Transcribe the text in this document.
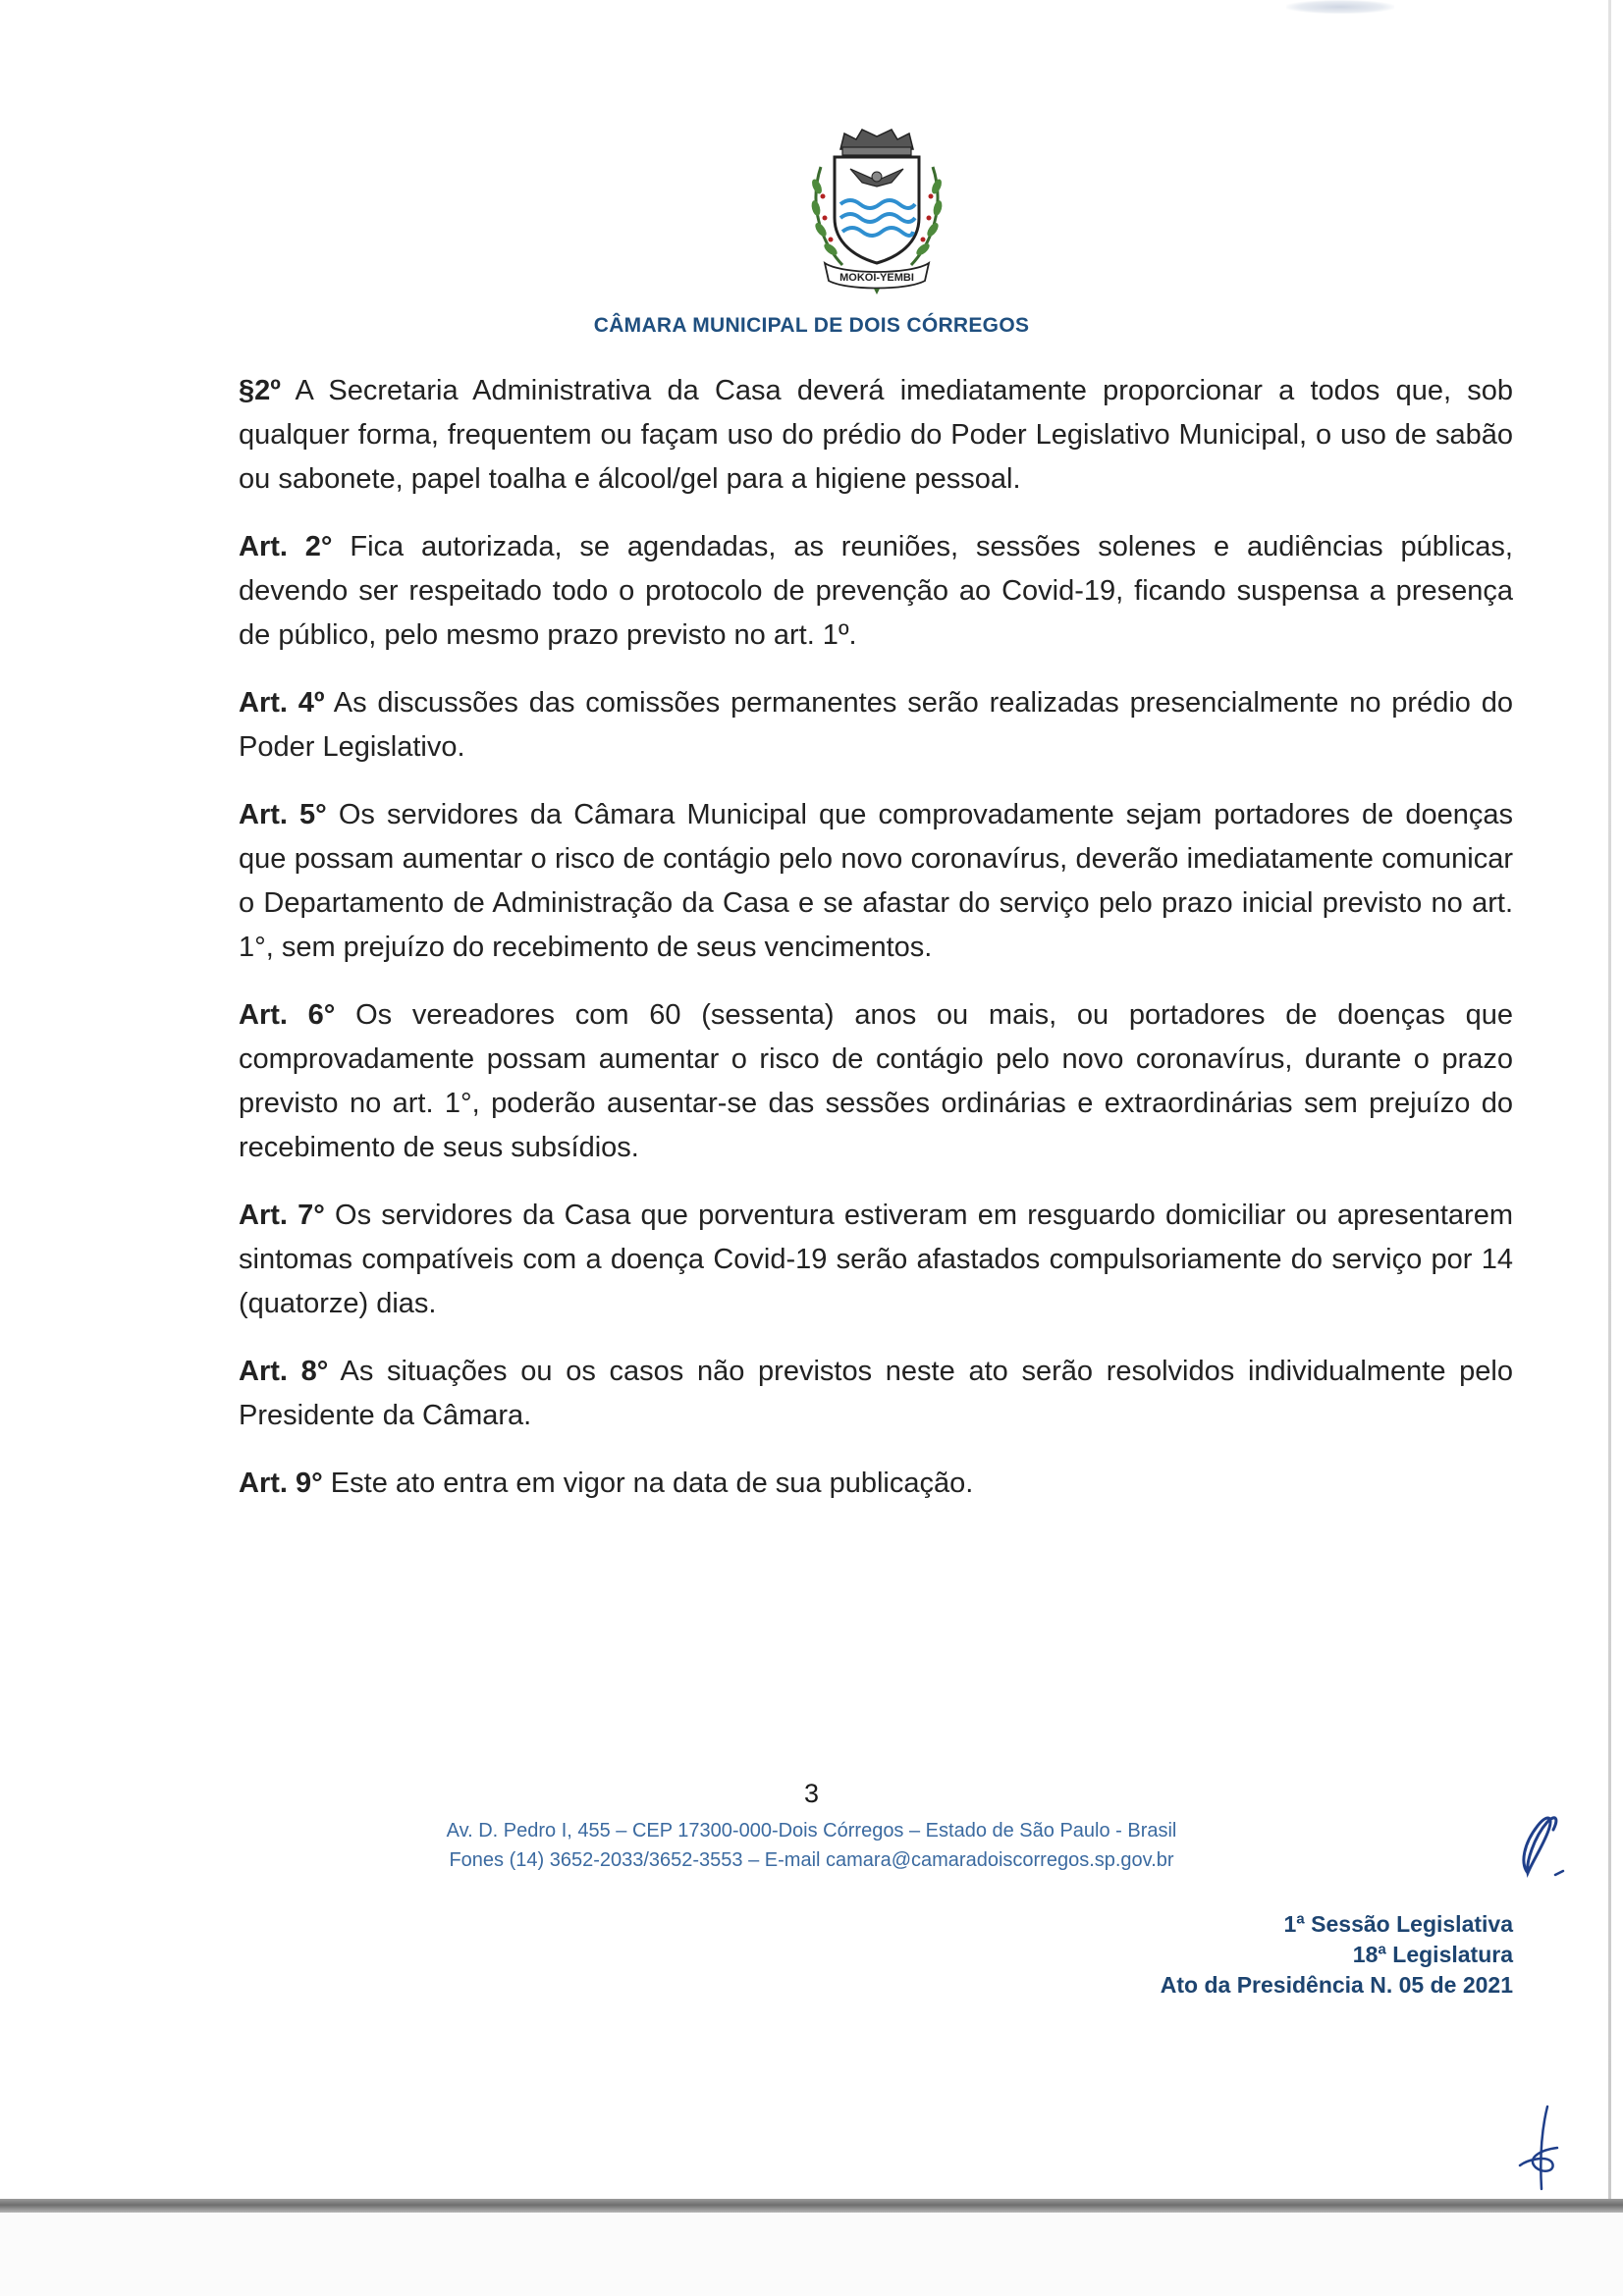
MOKOI-YEMBI
CÂMARA MUNICIPAL DE DOIS CÓRREGOS

§2º A Secretaria Administrativa da Casa deverá imediatamente proporcionar a todos que, sob qualquer forma, frequentem ou façam uso do prédio do Poder Legislativo Municipal, o uso de sabão ou sabonete, papel toalha e álcool/gel para a higiene pessoal.

Art. 2° Fica autorizada, se agendadas, as reuniões, sessões solenes e audiências públicas, devendo ser respeitado todo o protocolo de prevenção ao Covid-19, ficando suspensa a presença de público, pelo mesmo prazo previsto no art. 1º.

Art. 4º As discussões das comissões permanentes serão realizadas presencialmente no prédio do Poder Legislativo.

Art. 5° Os servidores da Câmara Municipal que comprovadamente sejam portadores de doenças que possam aumentar o risco de contágio pelo novo coronavírus, deverão imediatamente comunicar o Departamento de Administração da Casa e se afastar do serviço pelo prazo inicial previsto no art. 1°, sem prejuízo do recebimento de seus vencimentos.

Art. 6° Os vereadores com 60 (sessenta) anos ou mais, ou portadores de doenças que comprovadamente possam aumentar o risco de contágio pelo novo coronavírus, durante o prazo previsto no art. 1°, poderão ausentar-se das sessões ordinárias e extraordinárias sem prejuízo do recebimento de seus subsídios.

Art. 7° Os servidores da Casa que porventura estiveram em resguardo domiciliar ou apresentarem sintomas compatíveis com a doença Covid-19 serão afastados compulsoriamente do serviço por 14 (quatorze) dias.

Art. 8° As situações ou os casos não previstos neste ato serão resolvidos individualmente pelo Presidente da Câmara.

Art. 9° Este ato entra em vigor na data de sua publicação.

3
Av. D. Pedro I, 455 – CEP 17300-000-Dois Córregos – Estado de São Paulo - Brasil
Fones (14) 3652-2033/3652-3553 – E-mail camara@camaradoiscorregos.sp.gov.br
1ª Sessão Legislativa
18ª Legislatura
Ato da Presidência N. 05 de 2021
